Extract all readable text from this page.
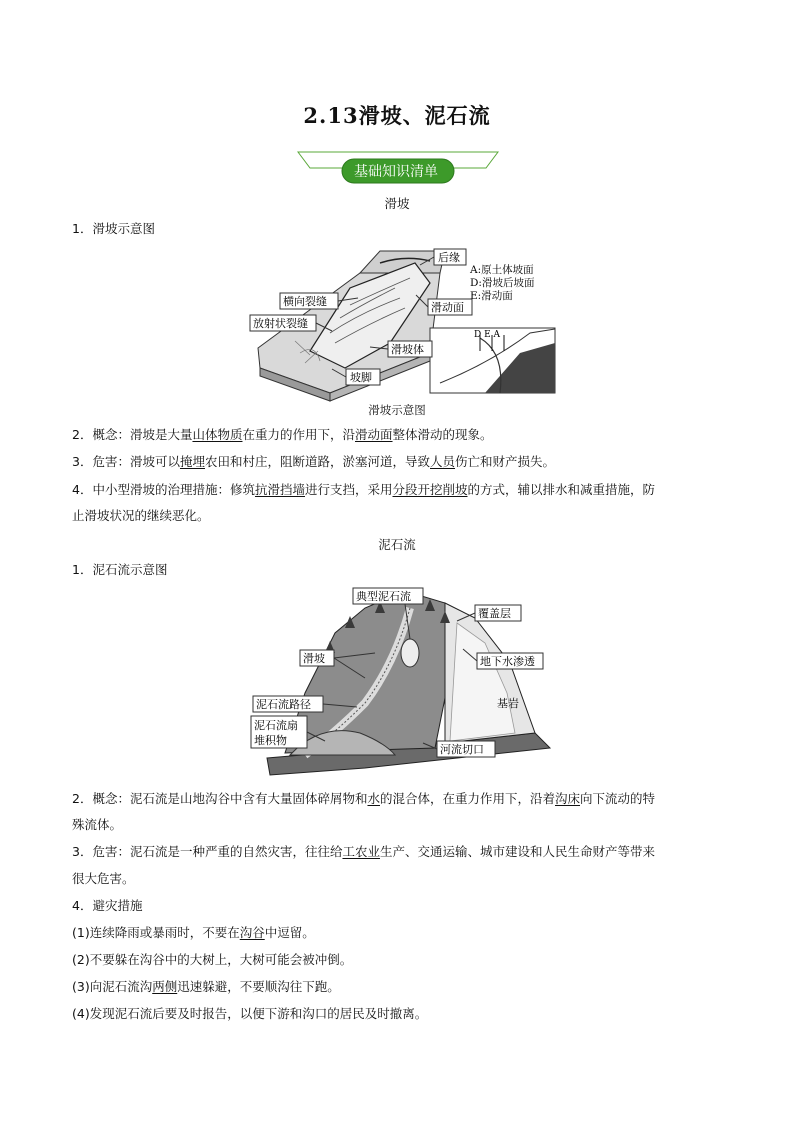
2.13滑坡、泥石流
基础知识清单
滑坡
1．滑坡示意图
D E A
后缘
横向裂缝
放射状裂缝
滑动面
滑坡体
坡脚
A:原土体坡面
D:滑坡后坡面
E:滑动面
滑坡示意图
2．概念：滑坡是大量山体物质在重力的作用下，沿滑动面整体滑动的现象。
3．危害：滑坡可以掩埋农田和村庄，阻断道路，淤塞河道，导致人员伤亡和财产损失。
4．中小型滑坡的治理措施：修筑抗滑挡墙进行支挡，采用分段开挖削坡的方式，辅以排水和减重措施，防
止滑坡状况的继续恶化。
泥石流
1．泥石流示意图
典型泥石流
覆盖层
滑坡	地下水渗透
泥石流路径	基岩
泥石流扇
堆积物
河流切口
2．概念：泥石流是山地沟谷中含有大量固体碎屑物和水的混合体，在重力作用下，沿着沟床向下流动的特
殊流体。
3．危害：泥石流是一种严重的自然灾害，往往给工农业生产、交通运输、城市建设和人民生命财产等带来
很大危害。
4．避灾措施
(1)连续降雨或暴雨时，不要在沟谷中逗留。
(2)不要躲在沟谷中的大树上，大树可能会被冲倒。
(3)向泥石流沟两侧迅速躲避，不要顺沟往下跑。
(4)发现泥石流后要及时报告，以便下游和沟口的居民及时撤离。
